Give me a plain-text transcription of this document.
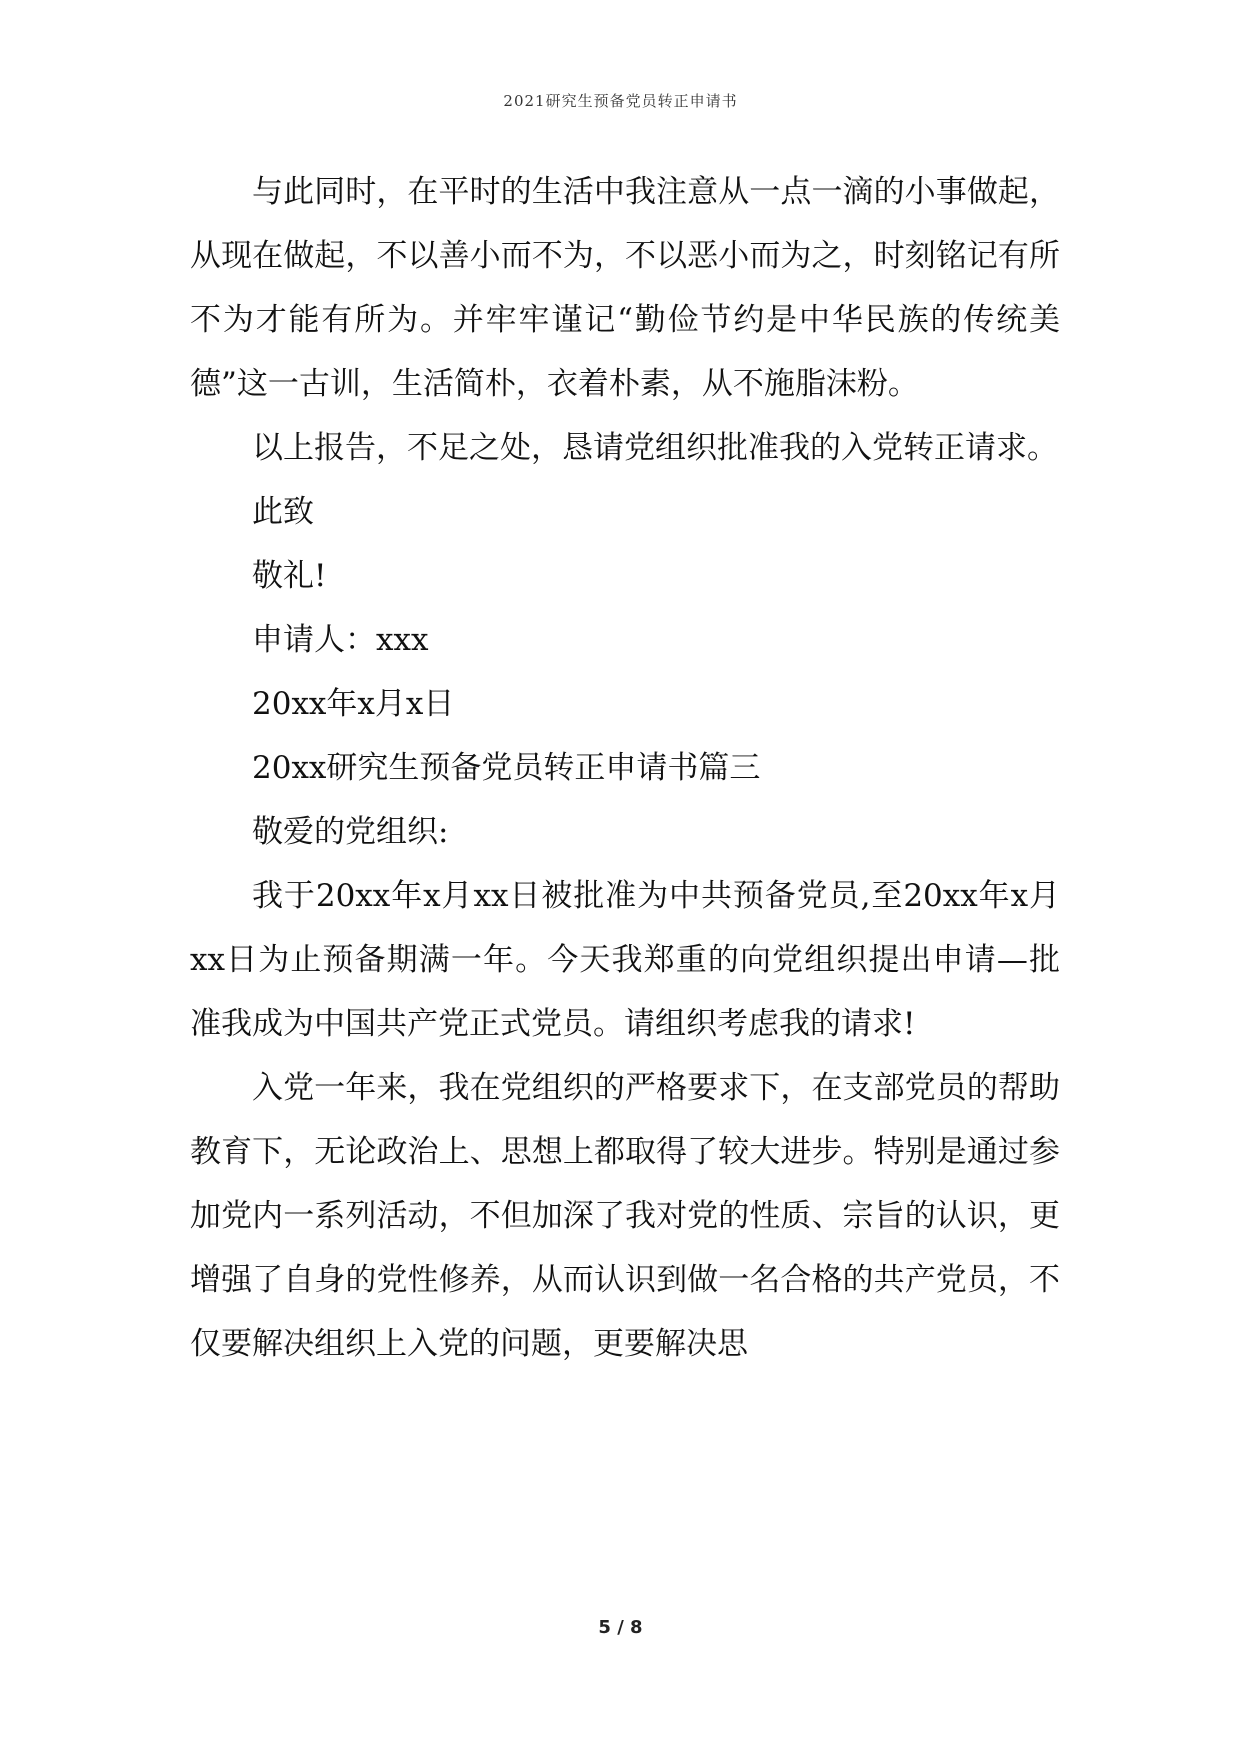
2021研究生预备党员转正申请书

与此同时，在平时的生活中我注意从一点一滴的小事做起，从现在做起，不以善小而不为，不以恶小而为之，时刻铭记有所不为才能有所为。并牢牢谨记“勤俭节约是中华民族的传统美德”这一古训，生活简朴，衣着朴素，从不施脂沫粉。

以上报告，不足之处，恳请党组织批准我的入党转正请求。

此致

敬礼!

申请人：xxx

20xx年x月x日

20xx研究生预备党员转正申请书篇三

敬爱的党组织:

我于20xx年x月xx日被批准为中共预备党员,至20xx年x月xx日为止预备期满一年。今天我郑重的向党组织提出申请—批准我成为中国共产党正式党员。请组织考虑我的请求!

入党一年来，我在党组织的严格要求下，在支部党员的帮助教育下，无论政治上、思想上都取得了较大进步。特别是通过参加党内一系列活动，不但加深了我对党的性质、宗旨的认识，更增强了自身的党性修养，从而认识到做一名合格的共产党员，不仅要解决组织上入党的问题，更要解决思

5 / 8
